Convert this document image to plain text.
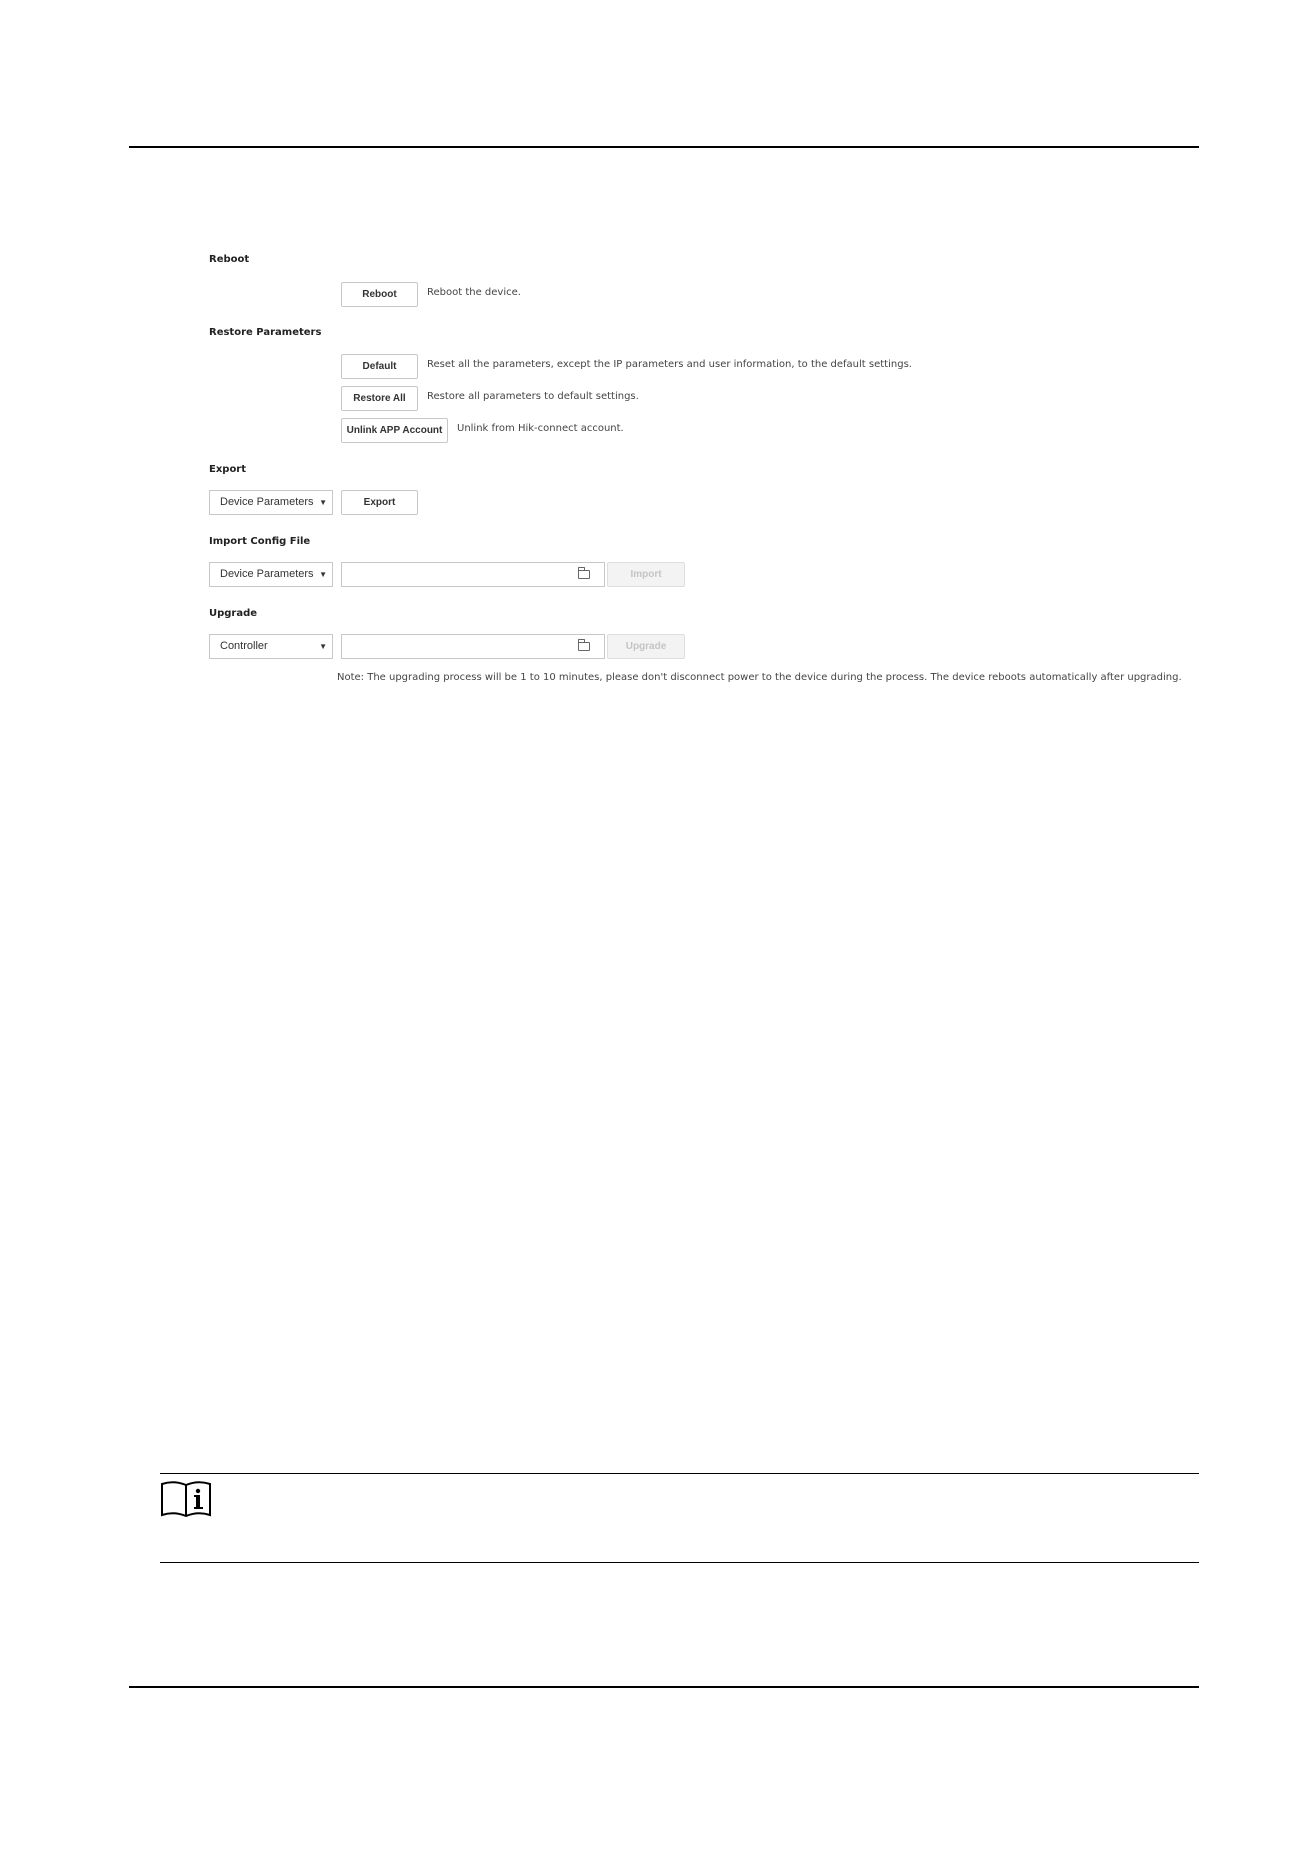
Reboot
Reboot	Reboot the device.
Restore Parameters
Default	Reset all the parameters, except the IP parameters and user information, to the default settings.
Restore All	Restore all parameters to default settings.
Unlink APP Account	Unlink from Hik-connect account.
Export
Device Parameters ▼	Export
Import Config File
Device Parameters ▼	Import
Upgrade
Controller	▼	Upgrade
Note: The upgrading process will be 1 to 10 minutes, please don't disconnect power to the device during the process. The device reboots automatically after upgrading.
